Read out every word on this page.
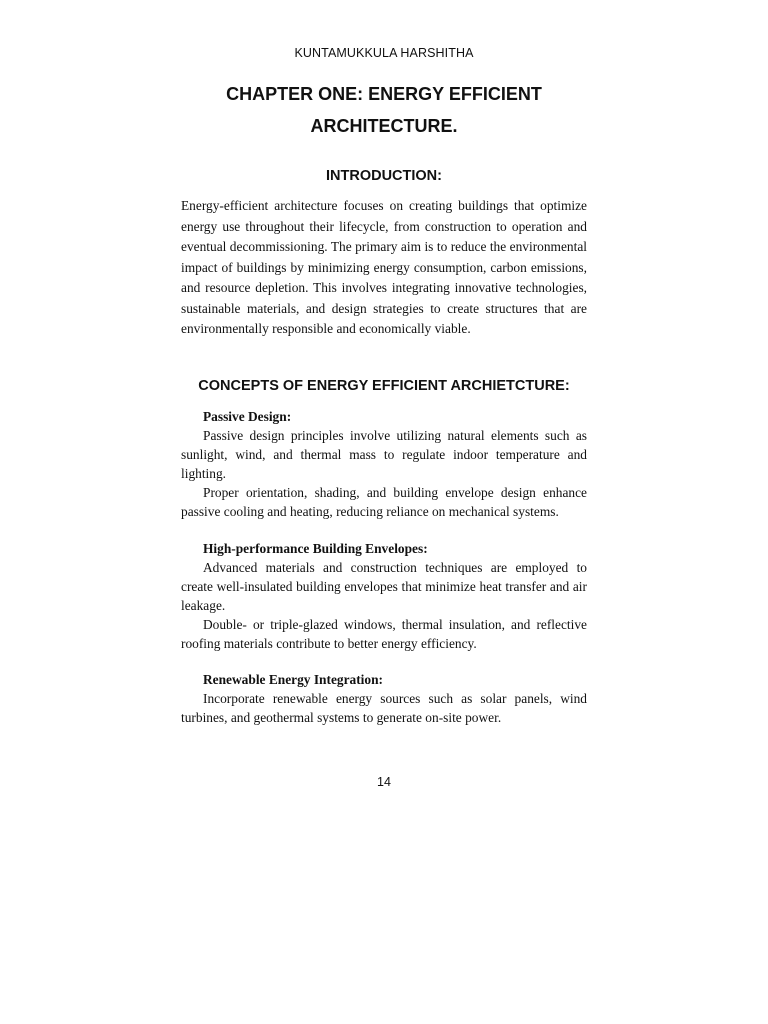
KUNTAMUKKULA HARSHITHA
CHAPTER ONE: ENERGY EFFICIENT ARCHITECTURE.
INTRODUCTION:
Energy-efficient architecture focuses on creating buildings that optimize energy use throughout their lifecycle, from construction to operation and eventual decommissioning. The primary aim is to reduce the environmental impact of buildings by minimizing energy consumption, carbon emissions, and resource depletion. This involves integrating innovative technologies, sustainable materials, and design strategies to create structures that are environmentally responsible and economically viable.
CONCEPTS OF ENERGY EFFICIENT ARCHIETCTURE:
Passive Design:
Passive design principles involve utilizing natural elements such as sunlight, wind, and thermal mass to regulate indoor temperature and lighting.
Proper orientation, shading, and building envelope design enhance passive cooling and heating, reducing reliance on mechanical systems.
High-performance Building Envelopes:
Advanced materials and construction techniques are employed to create well-insulated building envelopes that minimize heat transfer and air leakage.
Double- or triple-glazed windows, thermal insulation, and reflective roofing materials contribute to better energy efficiency.
Renewable Energy Integration:
Incorporate renewable energy sources such as solar panels, wind turbines, and geothermal systems to generate on-site power.
14
